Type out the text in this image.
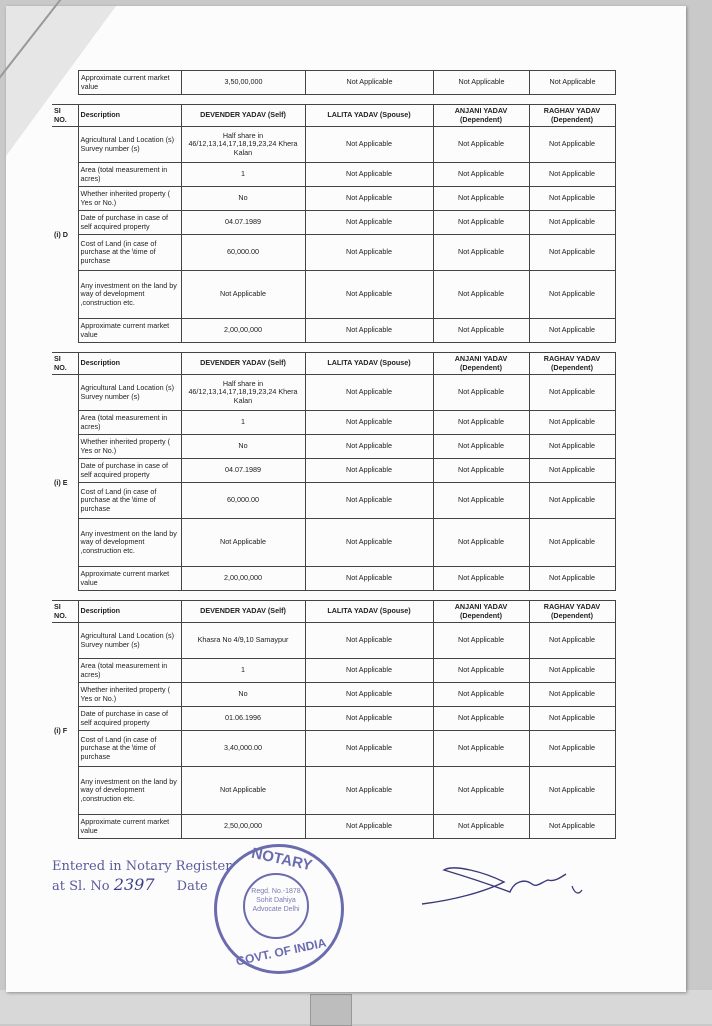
Approximate current market value	3,50,00,000	Not Applicable	Not Applicable	Not Applicable
SI NO.	Description	DEVENDER YADAV (Self)	LALITA YADAV (Spouse)	ANJANI YADAV (Dependent)	RAGHAV YADAV (Dependent)
(i) D	Agricultural Land Location (s) Survey number (s)	Half share in 46/12,13,14,17,18,19,23,24 Khera Kalan	Not Applicable	Not Applicable	Not Applicable
	Area (total measurement in acres)	1	Not Applicable	Not Applicable	Not Applicable
	Whether inherited property ( Yes or No.)	No	Not Applicable	Not Applicable	Not Applicable
	Date of purchase in case of self acquired property	04.07.1989	Not Applicable	Not Applicable	Not Applicable
	Cost of Land (in case of purchase at the \time of purchase	60,000.00	Not Applicable	Not Applicable	Not Applicable
	Any investment on the land by way of development ,construction etc.	Not Applicable	Not Applicable	Not Applicable	Not Applicable
	Approximate current market value	2,00,00,000	Not Applicable	Not Applicable	Not Applicable
SI NO.	Description	DEVENDER YADAV (Self)	LALITA YADAV (Spouse)	ANJANI YADAV (Dependent)	RAGHAV YADAV (Dependent)
(i) E	Agricultural Land Location (s) Survey number (s)	Half share in 46/12,13,14,17,18,19,23,24 Khera Kalan	Not Applicable	Not Applicable	Not Applicable
	Area (total measurement in acres)	1	Not Applicable	Not Applicable	Not Applicable
	Whether inherited property ( Yes or No.)	No	Not Applicable	Not Applicable	Not Applicable
	Date of purchase in case of self acquired property	04.07.1989	Not Applicable	Not Applicable	Not Applicable
	Cost of Land (in case of purchase at the \time of purchase	60,000.00	Not Applicable	Not Applicable	Not Applicable
	Any investment on the land by way of development ,construction etc.	Not Applicable	Not Applicable	Not Applicable	Not Applicable
	Approximate current market value	2,00,00,000	Not Applicable	Not Applicable	Not Applicable
SI NO.	Description	DEVENDER YADAV (Self)	LALITA YADAV (Spouse)	ANJANI YADAV (Dependent)	RAGHAV YADAV (Dependent)
(i) F	Agricultural Land Location (s) Survey number (s)	Khasra No 4/9,10 Samaypur	Not Applicable	Not Applicable	Not Applicable
	Area (total measurement in acres)	1	Not Applicable	Not Applicable	Not Applicable
	Whether inherited property ( Yes or No.)	No	Not Applicable	Not Applicable	Not Applicable
	Date of purchase in case of self acquired property	01.06.1996	Not Applicable	Not Applicable	Not Applicable
	Cost of Land (in case of purchase at the \time of purchase	3,40,000.00	Not Applicable	Not Applicable	Not Applicable
	Any investment on the land by way of development ,construction etc.	Not Applicable	Not Applicable	Not Applicable	Not Applicable
	Approximate current market value	2,50,00,000	Not Applicable	Not Applicable	Not Applicable
Entered in Notary Register
at Sl. No 2397 Date
NOTARY
Regd. No.-1878 Sohit Dahiya Advocate Delhi
GOVT. OF INDIA
